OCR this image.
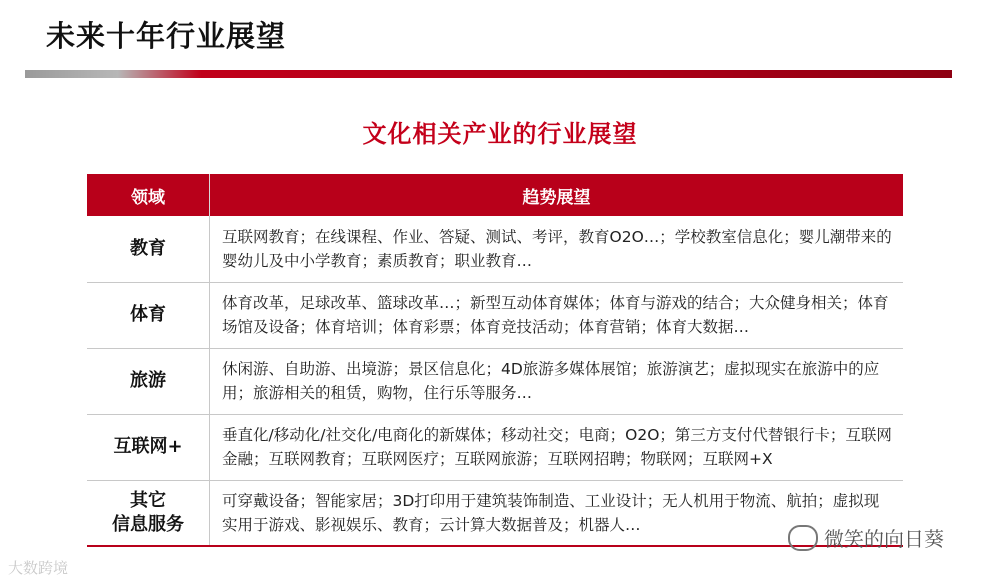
未来十年行业展望
文化相关产业的行业展望
领域	趋势展望
教育	互联网教育；在线课程、作业、答疑、测试、考评，教育O2O…；学校教室信息化；婴儿潮带来的婴幼儿及中小学教育；素质教育；职业教育…
体育	体育改革，足球改革、篮球改革…；新型互动体育媒体；体育与游戏的结合；大众健身相关；体育场馆及设备；体育培训；体育彩票；体育竞技活动；体育营销；体育大数据…
旅游	休闲游、自助游、出境游；景区信息化；4D旅游多媒体展馆；旅游演艺；虚拟现实在旅游中的应用；旅游相关的租赁，购物，住行乐等服务…
互联网+	垂直化/移动化/社交化/电商化的新媒体；移动社交；电商；O2O；第三方支付代替银行卡；互联网金融；互联网教育；互联网医疗；互联网旅游；互联网招聘；物联网；互联网+X
其它
信息服务	可穿戴设备；智能家居；3D打印用于建筑装饰制造、工业设计；无人机用于物流、航拍；虚拟现实用于游戏、影视娱乐、教育；云计算大数据普及；机器人…
大数跨境
微笑的向日葵
